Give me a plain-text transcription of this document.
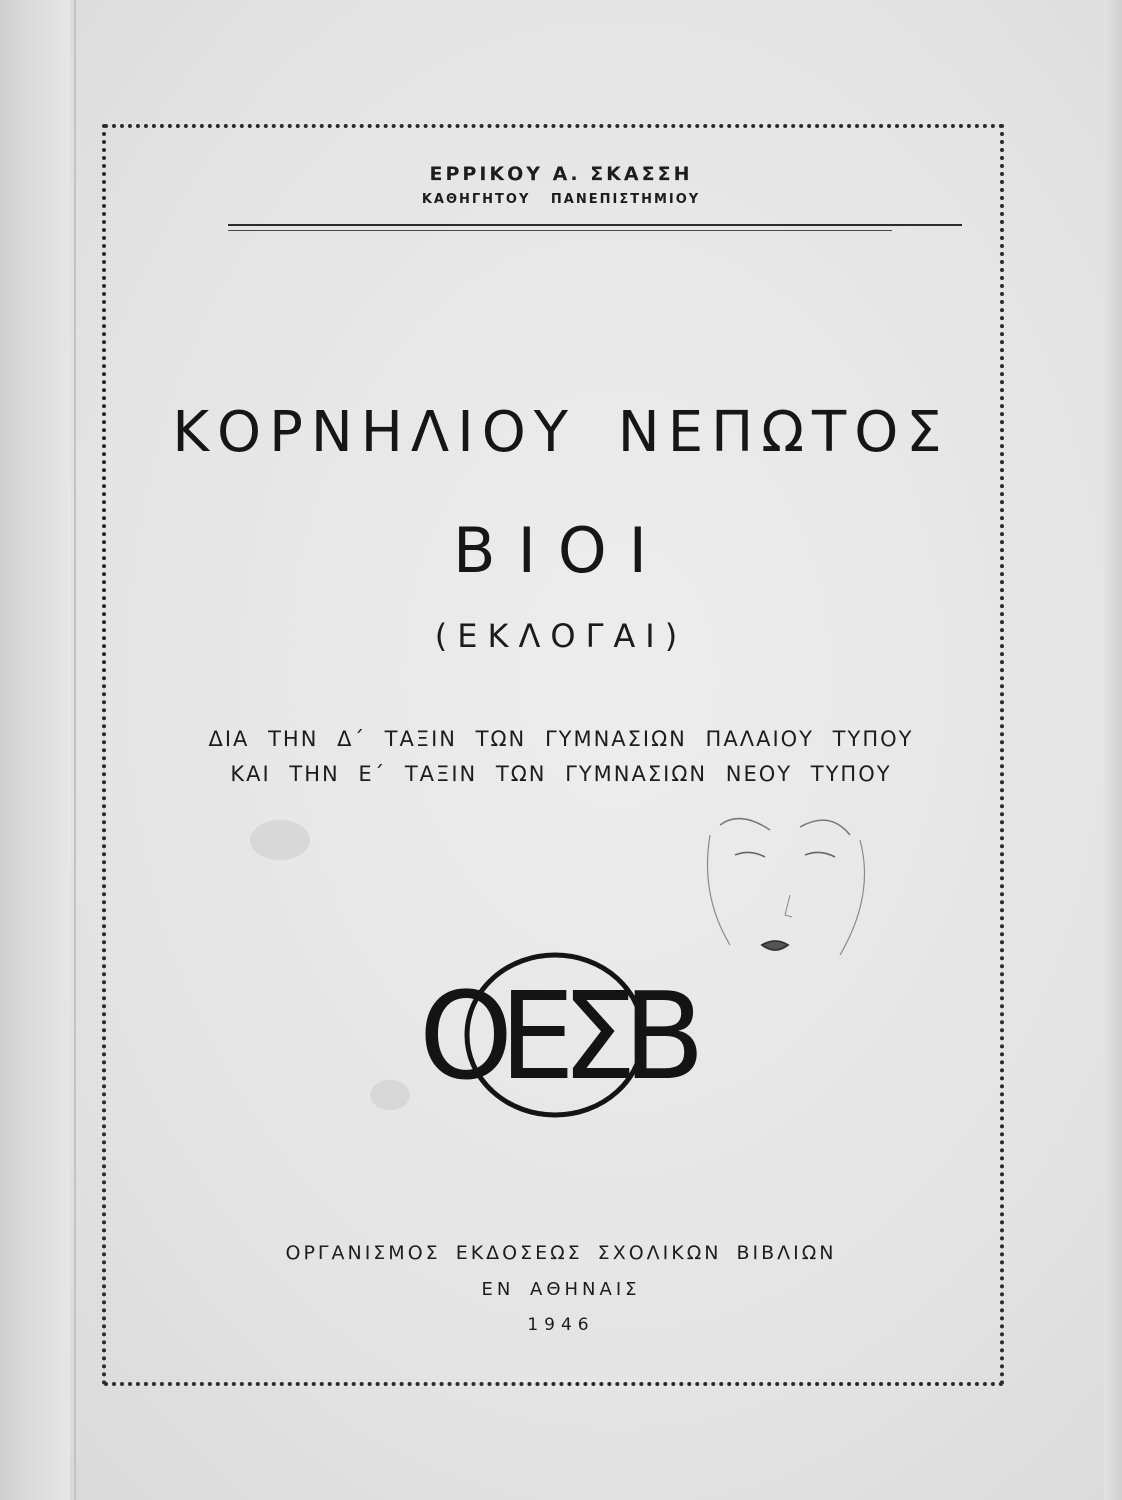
ΕΡΡΙΚΟΥ Α. ΣΚΑΣΣΗ
ΚΑΘΗΓΗΤΟΥ ΠΑΝΕΠΙΣΤΗΜΙΟΥ
ΚΟΡΝΗΛΙΟΥ ΝΕΠΩΤΟΣ
ΒΙΟΙ
(ΕΚΛΟΓΑΙ)
ΔΙΑ ΤΗΝ Δ΄ ΤΑΞΙΝ ΤΩΝ ΓΥΜΝΑΣΙΩΝ ΠΑΛΑΙΟΥ ΤΥΠΟΥ
ΚΑΙ ΤΗΝ Ε΄ ΤΑΞΙΝ ΤΩΝ ΓΥΜΝΑΣΙΩΝ ΝΕΟΥ ΤΥΠΟΥ
ΟΕΣΒ
ΟΡΓΑΝΙΣΜΟΣ ΕΚΔΟΣΕΩΣ ΣΧΟΛΙΚΩΝ ΒΙΒΛΙΩΝ
ΕΝ ΑΘΗΝΑΙΣ
1946
